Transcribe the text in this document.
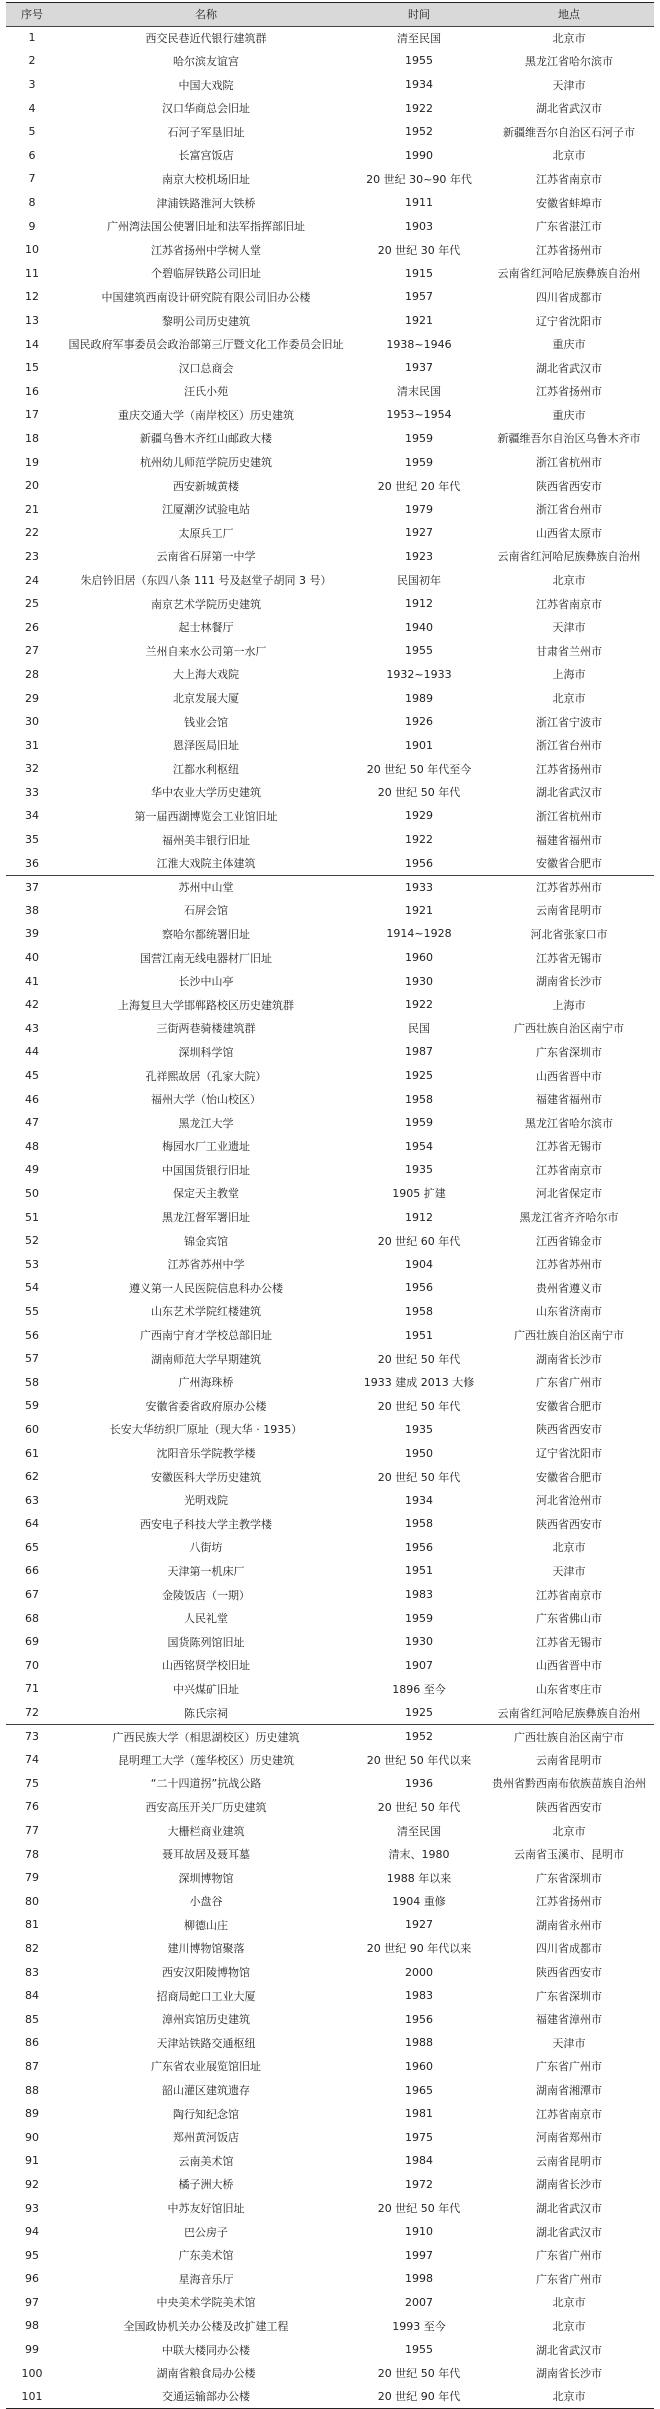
序号	名称	时间	地点
1	西交民巷近代银行建筑群	清至民国	北京市
2	哈尔滨友谊宫	1955	黑龙江省哈尔滨市
3	中国大戏院	1934	天津市
4	汉口华商总会旧址	1922	湖北省武汉市
5	石河子军垦旧址	1952	新疆维吾尔自治区石河子市
6	长富宫饭店	1990	北京市
7	南京大校机场旧址	20 世纪 30~90 年代	江苏省南京市
8	津浦铁路淮河大铁桥	1911	安徽省蚌埠市
9	广州湾法国公使署旧址和法军指挥部旧址	1903	广东省湛江市
10	江苏省扬州中学树人堂	20 世纪 30 年代	江苏省扬州市
11	个碧临屏铁路公司旧址	1915	云南省红河哈尼族彝族自治州
12	中国建筑西南设计研究院有限公司旧办公楼	1957	四川省成都市
13	黎明公司历史建筑	1921	辽宁省沈阳市
14	国民政府军事委员会政治部第三厅暨文化工作委员会旧址	1938~1946	重庆市
15	汉口总商会	1937	湖北省武汉市
16	汪氏小苑	清末民国	江苏省扬州市
17	重庆交通大学（南岸校区）历史建筑	1953~1954	重庆市
18	新疆乌鲁木齐红山邮政大楼	1959	新疆维吾尔自治区乌鲁木齐市
19	杭州幼儿师范学院历史建筑	1959	浙江省杭州市
20	西安新城黄楼	20 世纪 20 年代	陕西省西安市
21	江厦潮汐试验电站	1979	浙江省台州市
22	太原兵工厂	1927	山西省太原市
23	云南省石屏第一中学	1923	云南省红河哈尼族彝族自治州
24	朱启钤旧居（东四八条 111 号及赵堂子胡同 3 号）	民国初年	北京市
25	南京艺术学院历史建筑	1912	江苏省南京市
26	起士林餐厅	1940	天津市
27	兰州自来水公司第一水厂	1955	甘肃省兰州市
28	大上海大戏院	1932~1933	上海市
29	北京发展大厦	1989	北京市
30	钱业会馆	1926	浙江省宁波市
31	恩泽医局旧址	1901	浙江省台州市
32	江都水利枢纽	20 世纪 50 年代至今	江苏省扬州市
33	华中农业大学历史建筑	20 世纪 50 年代	湖北省武汉市
34	第一届西湖博览会工业馆旧址	1929	浙江省杭州市
35	福州美丰银行旧址	1922	福建省福州市
36	江淮大戏院主体建筑	1956	安徽省合肥市
37	苏州中山堂	1933	江苏省苏州市
38	石屏会馆	1921	云南省昆明市
39	察哈尔都统署旧址	1914~1928	河北省张家口市
40	国营江南无线电器材厂旧址	1960	江苏省无锡市
41	长沙中山亭	1930	湖南省长沙市
42	上海复旦大学邯郸路校区历史建筑群	1922	上海市
43	三街两巷骑楼建筑群	民国	广西壮族自治区南宁市
44	深圳科学馆	1987	广东省深圳市
45	孔祥熙故居（孔家大院）	1925	山西省晋中市
46	福州大学（怡山校区）	1958	福建省福州市
47	黑龙江大学	1959	黑龙江省哈尔滨市
48	梅园水厂工业遗址	1954	江苏省无锡市
49	中国国货银行旧址	1935	江苏省南京市
50	保定天主教堂	1905 扩建	河北省保定市
51	黑龙江督军署旧址	1912	黑龙江省齐齐哈尔市
52	锦金宾馆	20 世纪 60 年代	江西省锦金市
53	江苏省苏州中学	1904	江苏省苏州市
54	遵义第一人民医院信息科办公楼	1956	贵州省遵义市
55	山东艺术学院红楼建筑	1958	山东省济南市
56	广西南宁育才学校总部旧址	1951	广西壮族自治区南宁市
57	湖南师范大学早期建筑	20 世纪 50 年代	湖南省长沙市
58	广州海珠桥	1933 建成 2013 大修	广东省广州市
59	安徽省委省政府原办公楼	20 世纪 50 年代	安徽省合肥市
60	长安大华纺织厂原址（现大华 · 1935）	1935	陕西省西安市
61	沈阳音乐学院教学楼	1950	辽宁省沈阳市
62	安徽医科大学历史建筑	20 世纪 50 年代	安徽省合肥市
63	光明戏院	1934	河北省沧州市
64	西安电子科技大学主教学楼	1958	陕西省西安市
65	八街坊	1956	北京市
66	天津第一机床厂	1951	天津市
67	金陵饭店（一期）	1983	江苏省南京市
68	人民礼堂	1959	广东省佛山市
69	国货陈列馆旧址	1930	江苏省无锡市
70	山西铭贤学校旧址	1907	山西省晋中市
71	中兴煤矿旧址	1896 至今	山东省枣庄市
72	陈氏宗祠	1925	云南省红河哈尼族彝族自治州
73	广西民族大学（相思湖校区）历史建筑	1952	广西壮族自治区南宁市
74	昆明理工大学（莲华校区）历史建筑	20 世纪 50 年代以来	云南省昆明市
75	“二十四道拐”抗战公路	1936	贵州省黔西南布依族苗族自治州
76	西安高压开关厂历史建筑	20 世纪 50 年代	陕西省西安市
77	大栅栏商业建筑	清至民国	北京市
78	聂耳故居及聂耳墓	清末、1980	云南省玉溪市、昆明市
79	深圳博物馆	1988 年以来	广东省深圳市
80	小盘谷	1904 重修	江苏省扬州市
81	柳德山庄	1927	湖南省永州市
82	建川博物馆聚落	20 世纪 90 年代以来	四川省成都市
83	西安汉阳陵博物馆	2000	陕西省西安市
84	招商局蛇口工业大厦	1983	广东省深圳市
85	漳州宾馆历史建筑	1956	福建省漳州市
86	天津站铁路交通枢纽	1988	天津市
87	广东省农业展览馆旧址	1960	广东省广州市
88	韶山灌区建筑遗存	1965	湖南省湘潭市
89	陶行知纪念馆	1981	江苏省南京市
90	郑州黄河饭店	1975	河南省郑州市
91	云南美术馆	1984	云南省昆明市
92	橘子洲大桥	1972	湖南省长沙市
93	中苏友好馆旧址	20 世纪 50 年代	湖北省武汉市
94	巴公房子	1910	湖北省武汉市
95	广东美术馆	1997	广东省广州市
96	星海音乐厅	1998	广东省广州市
97	中央美术学院美术馆	2007	北京市
98	全国政协机关办公楼及改扩建工程	1993 至今	北京市
99	中联大楼同办公楼	1955	湖北省武汉市
100	湖南省粮食局办公楼	20 世纪 50 年代	湖南省长沙市
101	交通运输部办公楼	20 世纪 90 年代	北京市
